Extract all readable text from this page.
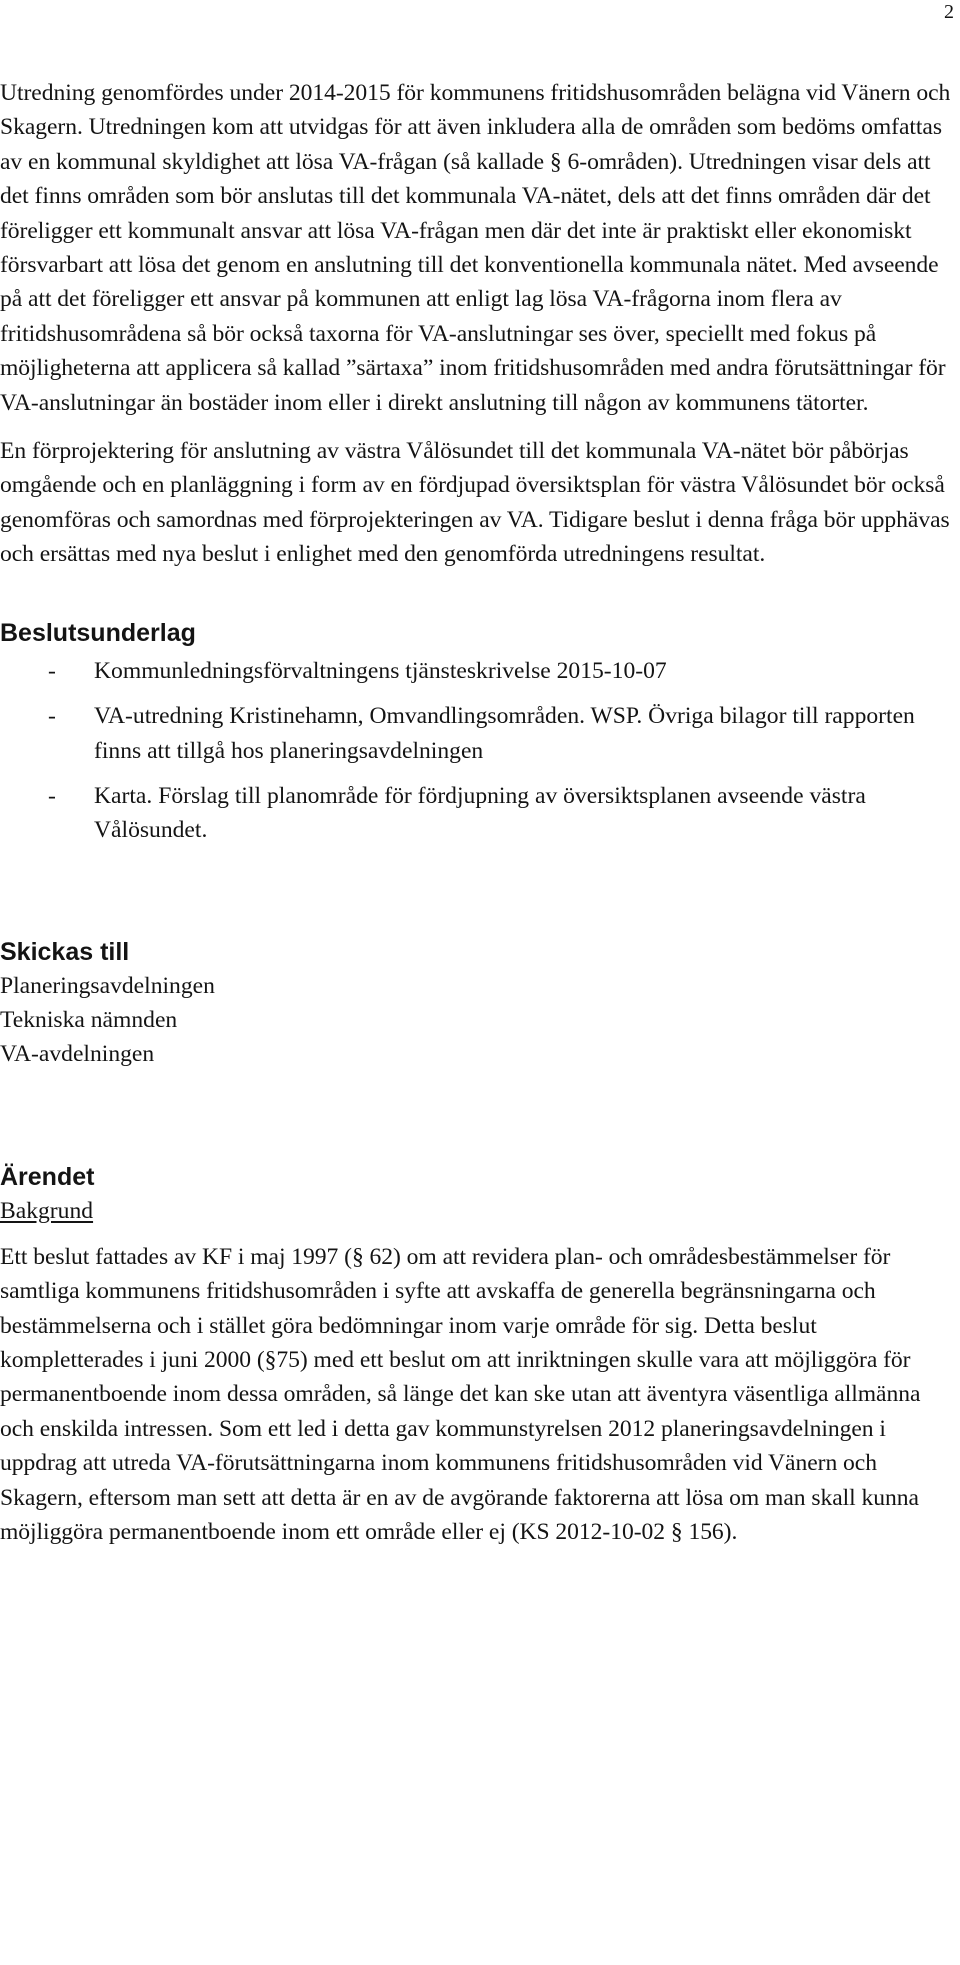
2

Utredning genomfördes under 2014-2015 för kommunens fritidshusområden belägna vid Vänern och Skagern. Utredningen kom att utvidgas för att även inkludera alla de områden som bedöms omfattas av en kommunal skyldighet att lösa VA-frågan (så kallade § 6-områden). Utredningen visar dels att det finns områden som bör anslutas till det kommunala VA-nätet, dels att det finns områden där det föreligger ett kommunalt ansvar att lösa VA-frågan men där det inte är praktiskt eller ekonomiskt försvarbart att lösa det genom en anslutning till det konventionella kommunala nätet. Med avseende på att det föreligger ett ansvar på kommunen att enligt lag lösa VA-frågorna inom flera av fritidshusområdena så bör också taxorna för VA-anslutningar ses över, speciellt med fokus på möjligheterna att applicera så kallad ”särtaxa” inom fritidshusområden med andra förutsättningar för VA-anslutningar än bostäder inom eller i direkt anslutning till någon av kommunens tätorter.

En förprojektering för anslutning av västra Vålösundet till det kommunala VA-nätet bör påbörjas omgående och en planläggning i form av en fördjupad översiktsplan för västra Vålösundet bör också genomföras och samordnas med förprojekteringen av VA. Tidigare beslut i denna fråga bör upphävas och ersättas med nya beslut i enlighet med den genomförda utredningens resultat.

Beslutsunderlag
- Kommunledningsförvaltningens tjänsteskrivelse 2015-10-07
- VA-utredning Kristinehamn, Omvandlingsområden. WSP. Övriga bilagor till rapporten finns att tillgå hos planeringsavdelningen
- Karta. Förslag till planområde för fördjupning av översiktsplanen avseende västra Vålösundet.
Skickas till
Planeringsavdelningen
Tekniska nämnden
VA-avdelningen
Ärendet
Bakgrund

Ett beslut fattades av KF i maj 1997 (§ 62) om att revidera plan- och områdesbestämmelser för samtliga kommunens fritidshusområden i syfte att avskaffa de generella begränsningarna och bestämmelserna och i stället göra bedömningar inom varje område för sig. Detta beslut kompletterades i juni 2000 (§75) med ett beslut om att inriktningen skulle vara att möjliggöra för permanentboende inom dessa områden, så länge det kan ske utan att äventyra väsentliga allmänna och enskilda intressen. Som ett led i detta gav kommunstyrelsen 2012 planeringsavdelningen i uppdrag att utreda VA-förutsättningarna inom kommunens fritidshusområden vid Vänern och Skagern, eftersom man sett att detta är en av de avgörande faktorerna att lösa om man skall kunna möjliggöra permanentboende inom ett område eller ej (KS 2012-10-02 § 156).
